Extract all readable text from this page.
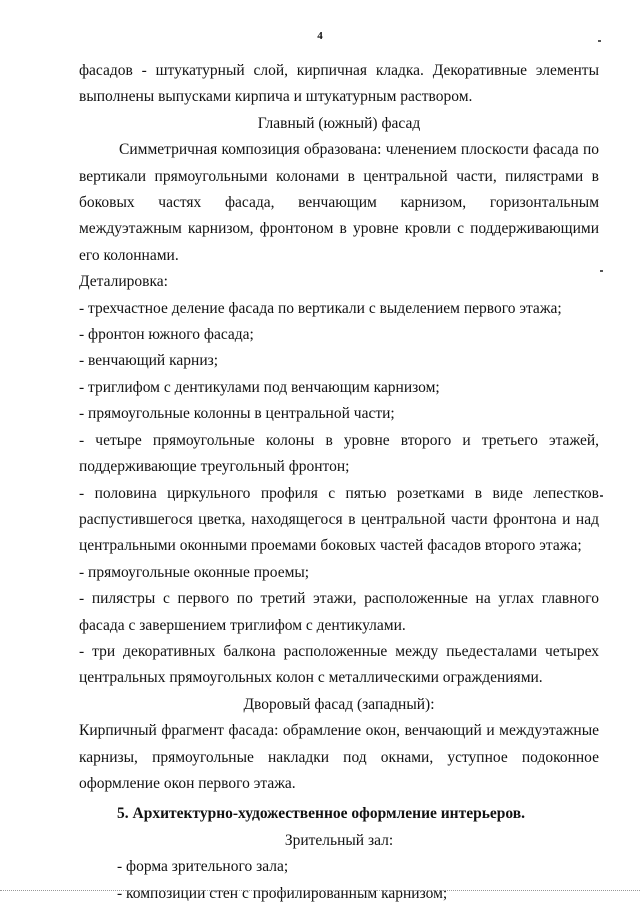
4
фасадов - штукатурный слой, кирпичная кладка. Декоративные элементы выполнены выпусками кирпича и штукатурным раствором.
Главный (южный) фасад
Симметричная композиция образована: членением плоскости фасада по вертикали прямоугольными колонами в центральной части, пилястрами в боковых частях фасада, венчающим карнизом, горизонтальным междуэтажным карнизом, фронтоном в уровне кровли с поддерживающими его колоннами.
Деталировка:
- трехчастное деление фасада по вертикали с выделением первого этажа;
- фронтон южного фасада;
- венчающий карниз;
- триглифом с дентикулами под венчающим карнизом;
- прямоугольные колонны в центральной части;
- четыре прямоугольные колоны в уровне второго и третьего этажей, поддерживающие треугольный фронтон;
- половина циркульного профиля с пятью розетками в виде лепестков распустившегося цветка, находящегося в центральной части фронтона и над центральными оконными проемами боковых частей фасадов второго этажа;
- прямоугольные оконные проемы;
- пилястры с первого по третий этажи, расположенные на углах главного фасада с завершением триглифом с дентикулами.
- три декоративных балкона расположенные между пьедесталами четырех центральных прямоугольных колон с металлическими ограждениями.
Дворовый фасад (западный):
Кирпичный фрагмент фасада: обрамление окон, венчающий и междуэтажные карнизы, прямоугольные накладки под окнами, уступное подоконное оформление окон первого этажа.
5. Архитектурно-художественное оформление интерьеров.
Зрительный зал:
- форма зрительного зала;
- композиции стен с профилированным карнизом;
